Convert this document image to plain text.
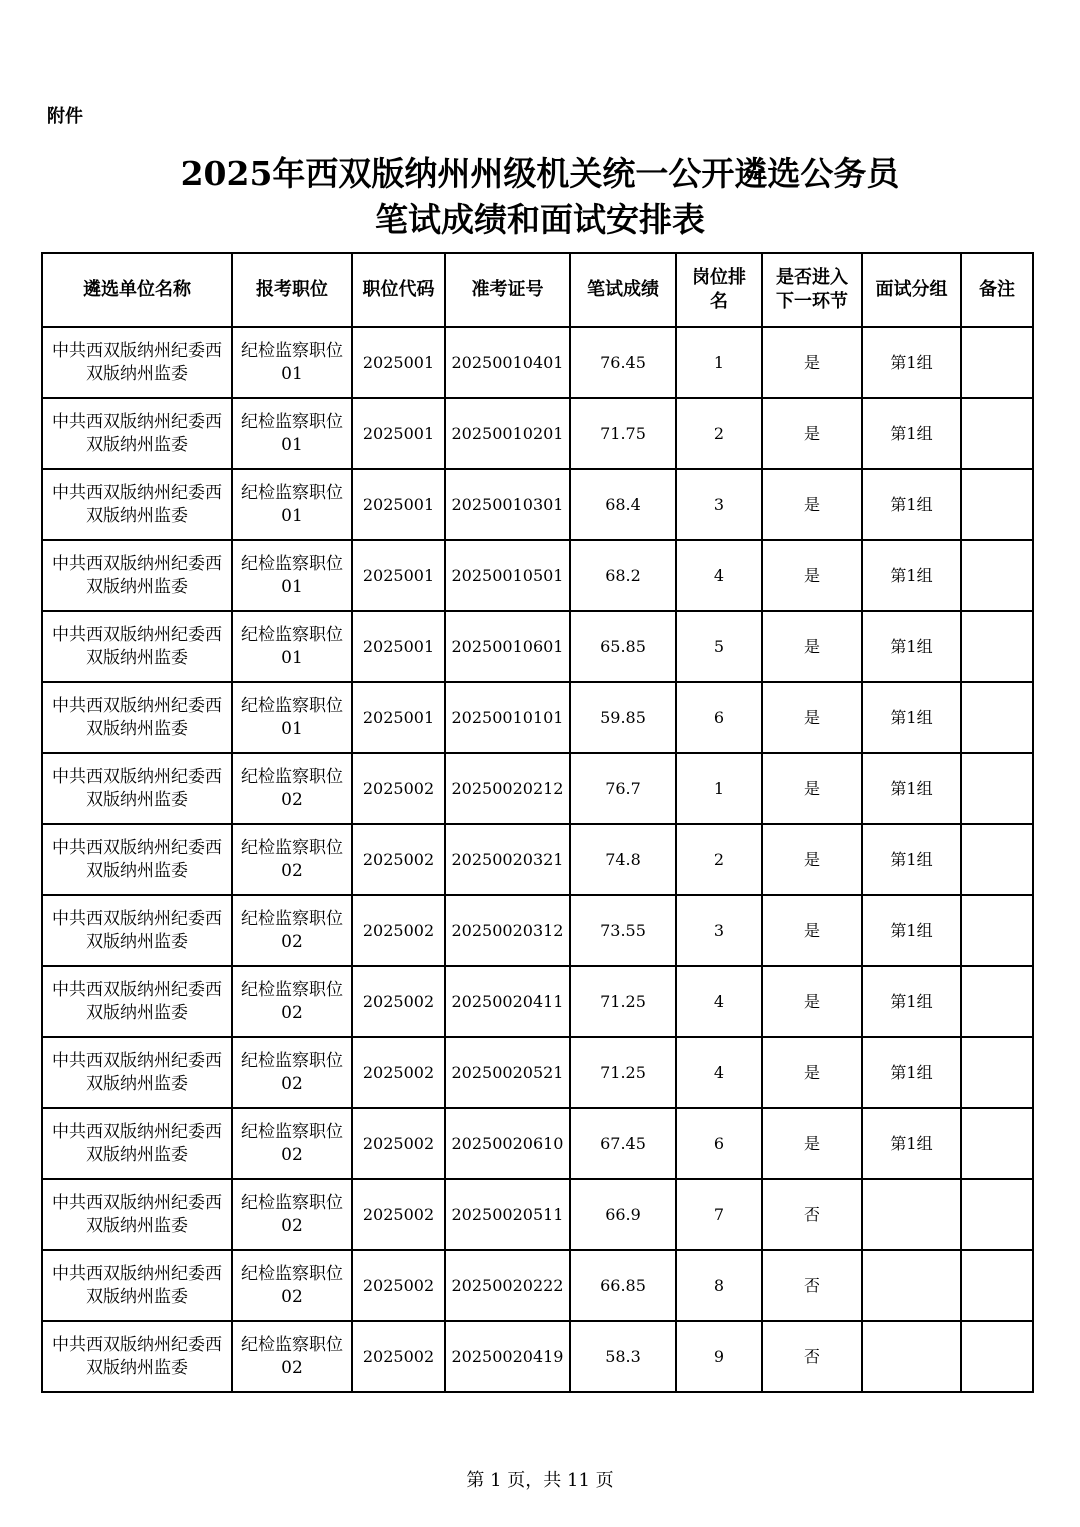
附件
2025年西双版纳州州级机关统一公开遴选公务员
笔试成绩和面试安排表
遴选单位名称	报考职位	职位代码	准考证号	笔试成绩	岗位排名	是否进入下一环节	面试分组	备注
中共西双版纳州纪委西双版纳州监委	纪检监察职位01	2025001	20250010401	76.45	1	是	第1组	
中共西双版纳州纪委西双版纳州监委	纪检监察职位01	2025001	20250010201	71.75	2	是	第1组	
中共西双版纳州纪委西双版纳州监委	纪检监察职位01	2025001	20250010301	68.4	3	是	第1组	
中共西双版纳州纪委西双版纳州监委	纪检监察职位01	2025001	20250010501	68.2	4	是	第1组	
中共西双版纳州纪委西双版纳州监委	纪检监察职位01	2025001	20250010601	65.85	5	是	第1组	
中共西双版纳州纪委西双版纳州监委	纪检监察职位01	2025001	20250010101	59.85	6	是	第1组	
中共西双版纳州纪委西双版纳州监委	纪检监察职位02	2025002	20250020212	76.7	1	是	第1组	
中共西双版纳州纪委西双版纳州监委	纪检监察职位02	2025002	20250020321	74.8	2	是	第1组	
中共西双版纳州纪委西双版纳州监委	纪检监察职位02	2025002	20250020312	73.55	3	是	第1组	
中共西双版纳州纪委西双版纳州监委	纪检监察职位02	2025002	20250020411	71.25	4	是	第1组	
中共西双版纳州纪委西双版纳州监委	纪检监察职位02	2025002	20250020521	71.25	4	是	第1组	
中共西双版纳州纪委西双版纳州监委	纪检监察职位02	2025002	20250020610	67.45	6	是	第1组	
中共西双版纳州纪委西双版纳州监委	纪检监察职位02	2025002	20250020511	66.9	7	否		
中共西双版纳州纪委西双版纳州监委	纪检监察职位02	2025002	20250020222	66.85	8	否		
中共西双版纳州纪委西双版纳州监委	纪检监察职位02	2025002	20250020419	58.3	9	否		
第 1 页，共 11 页
